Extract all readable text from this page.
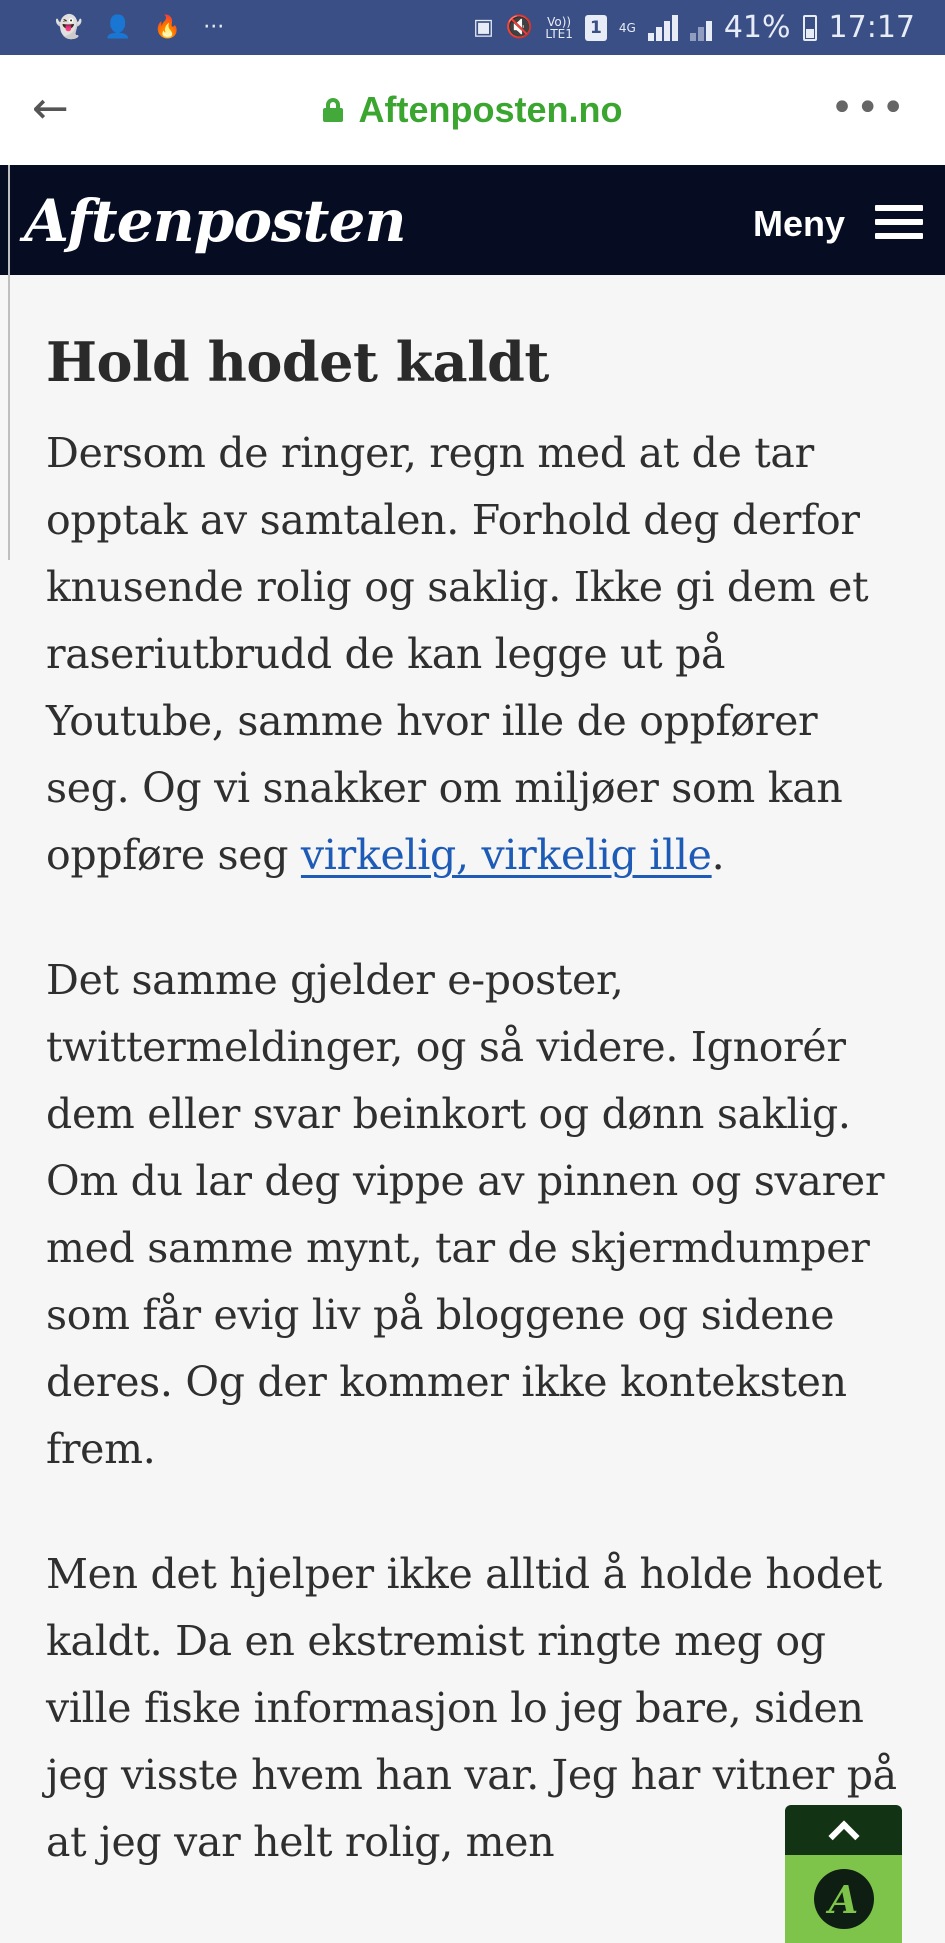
👻 👤 🔥 ···	▣ 🔇 Vo))
LTE1 1	4G	41% 17:17
←	Aftenposten.no	•••
Aftenposten	Meny
Hold hodet kaldt

Dersom de ringer, regn med at de tar opptak av samtalen. Forhold deg derfor knusende rolig og saklig. Ikke gi dem et raseriutbrudd de kan legge ut på Youtube, samme hvor ille de oppfører seg. Og vi snakker om miljøer som kan oppføre seg virkelig, virkelig ille.

Det samme gjelder e-poster, twittermeldinger, og så videre. Ignorér dem eller svar beinkort og dønn saklig. Om du lar deg vippe av pinnen og svarer med samme mynt, tar de skjermdumper som får evig liv på bloggene og sidene deres. Og der kommer ikke konteksten frem.

Men det hjelper ikke alltid å holde hodet kaldt. Da en ekstremist ringte meg og ville fiske informasjon lo jeg bare, siden jeg visste hvem han var. Jeg har vitner på at jeg var helt rolig, men

A
